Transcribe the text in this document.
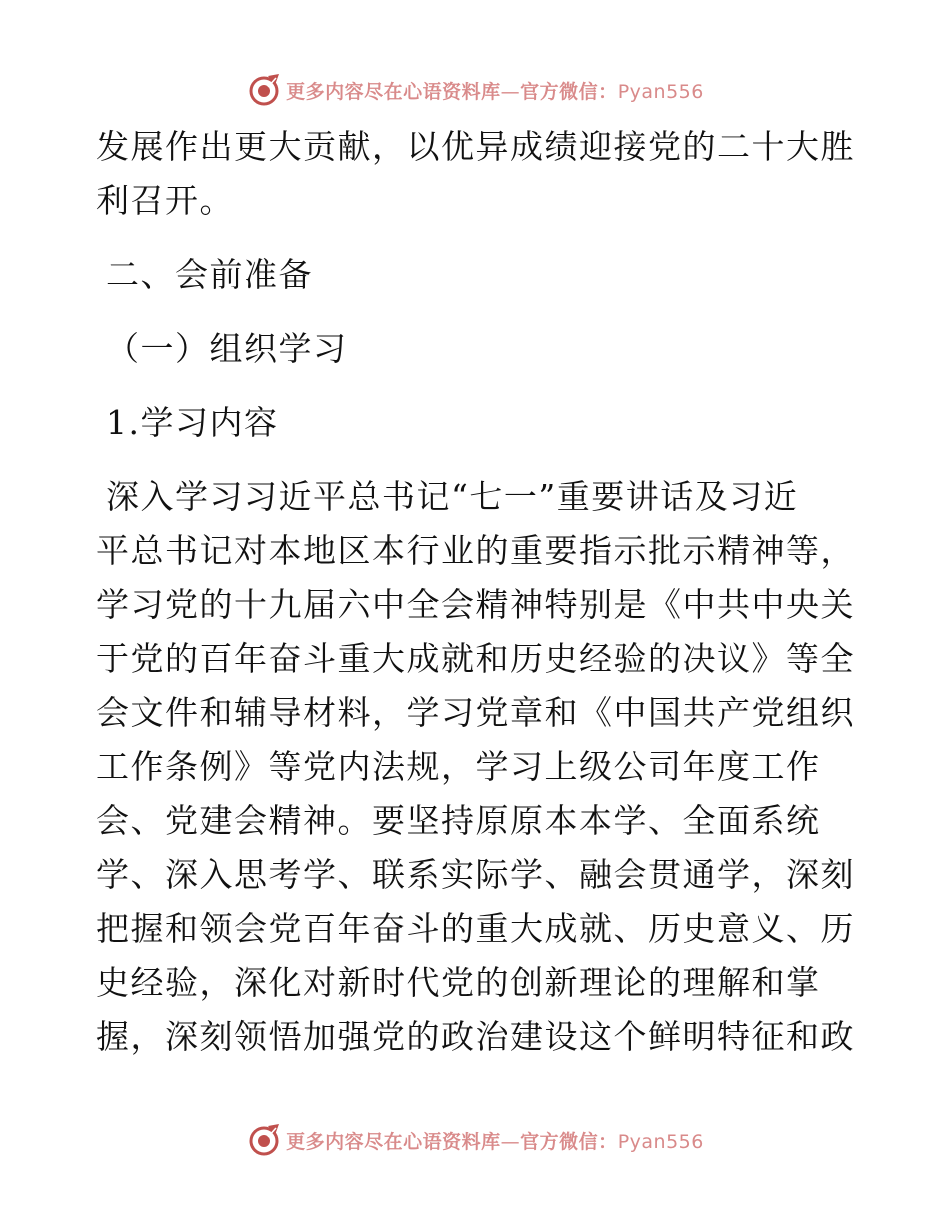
更多内容尽在心语资料库—官方微信：Pyan556
发展作出更大贡献，以优异成绩迎接党的二十大胜
利召开。
二、会前准备
（一）组织学习
1.学习内容
深入学习习近平总书记“七一”重要讲话及习近
平总书记对本地区本行业的重要指示批示精神等，
学习党的十九届六中全会精神特别是《中共中央关
于党的百年奋斗重大成就和历史经验的决议》等全
会文件和辅导材料，学习党章和《中国共产党组织
工作条例》等党内法规，学习上级公司年度工作
会、党建会精神。要坚持原原本本学、全面系统
学、深入思考学、联系实际学、融会贯通学，深刻
把握和领会党百年奋斗的重大成就、历史意义、历
史经验，深化对新时代党的创新理论的理解和掌
握，深刻领悟加强党的政治建设这个鲜明特征和政
更多内容尽在心语资料库—官方微信：Pyan556
